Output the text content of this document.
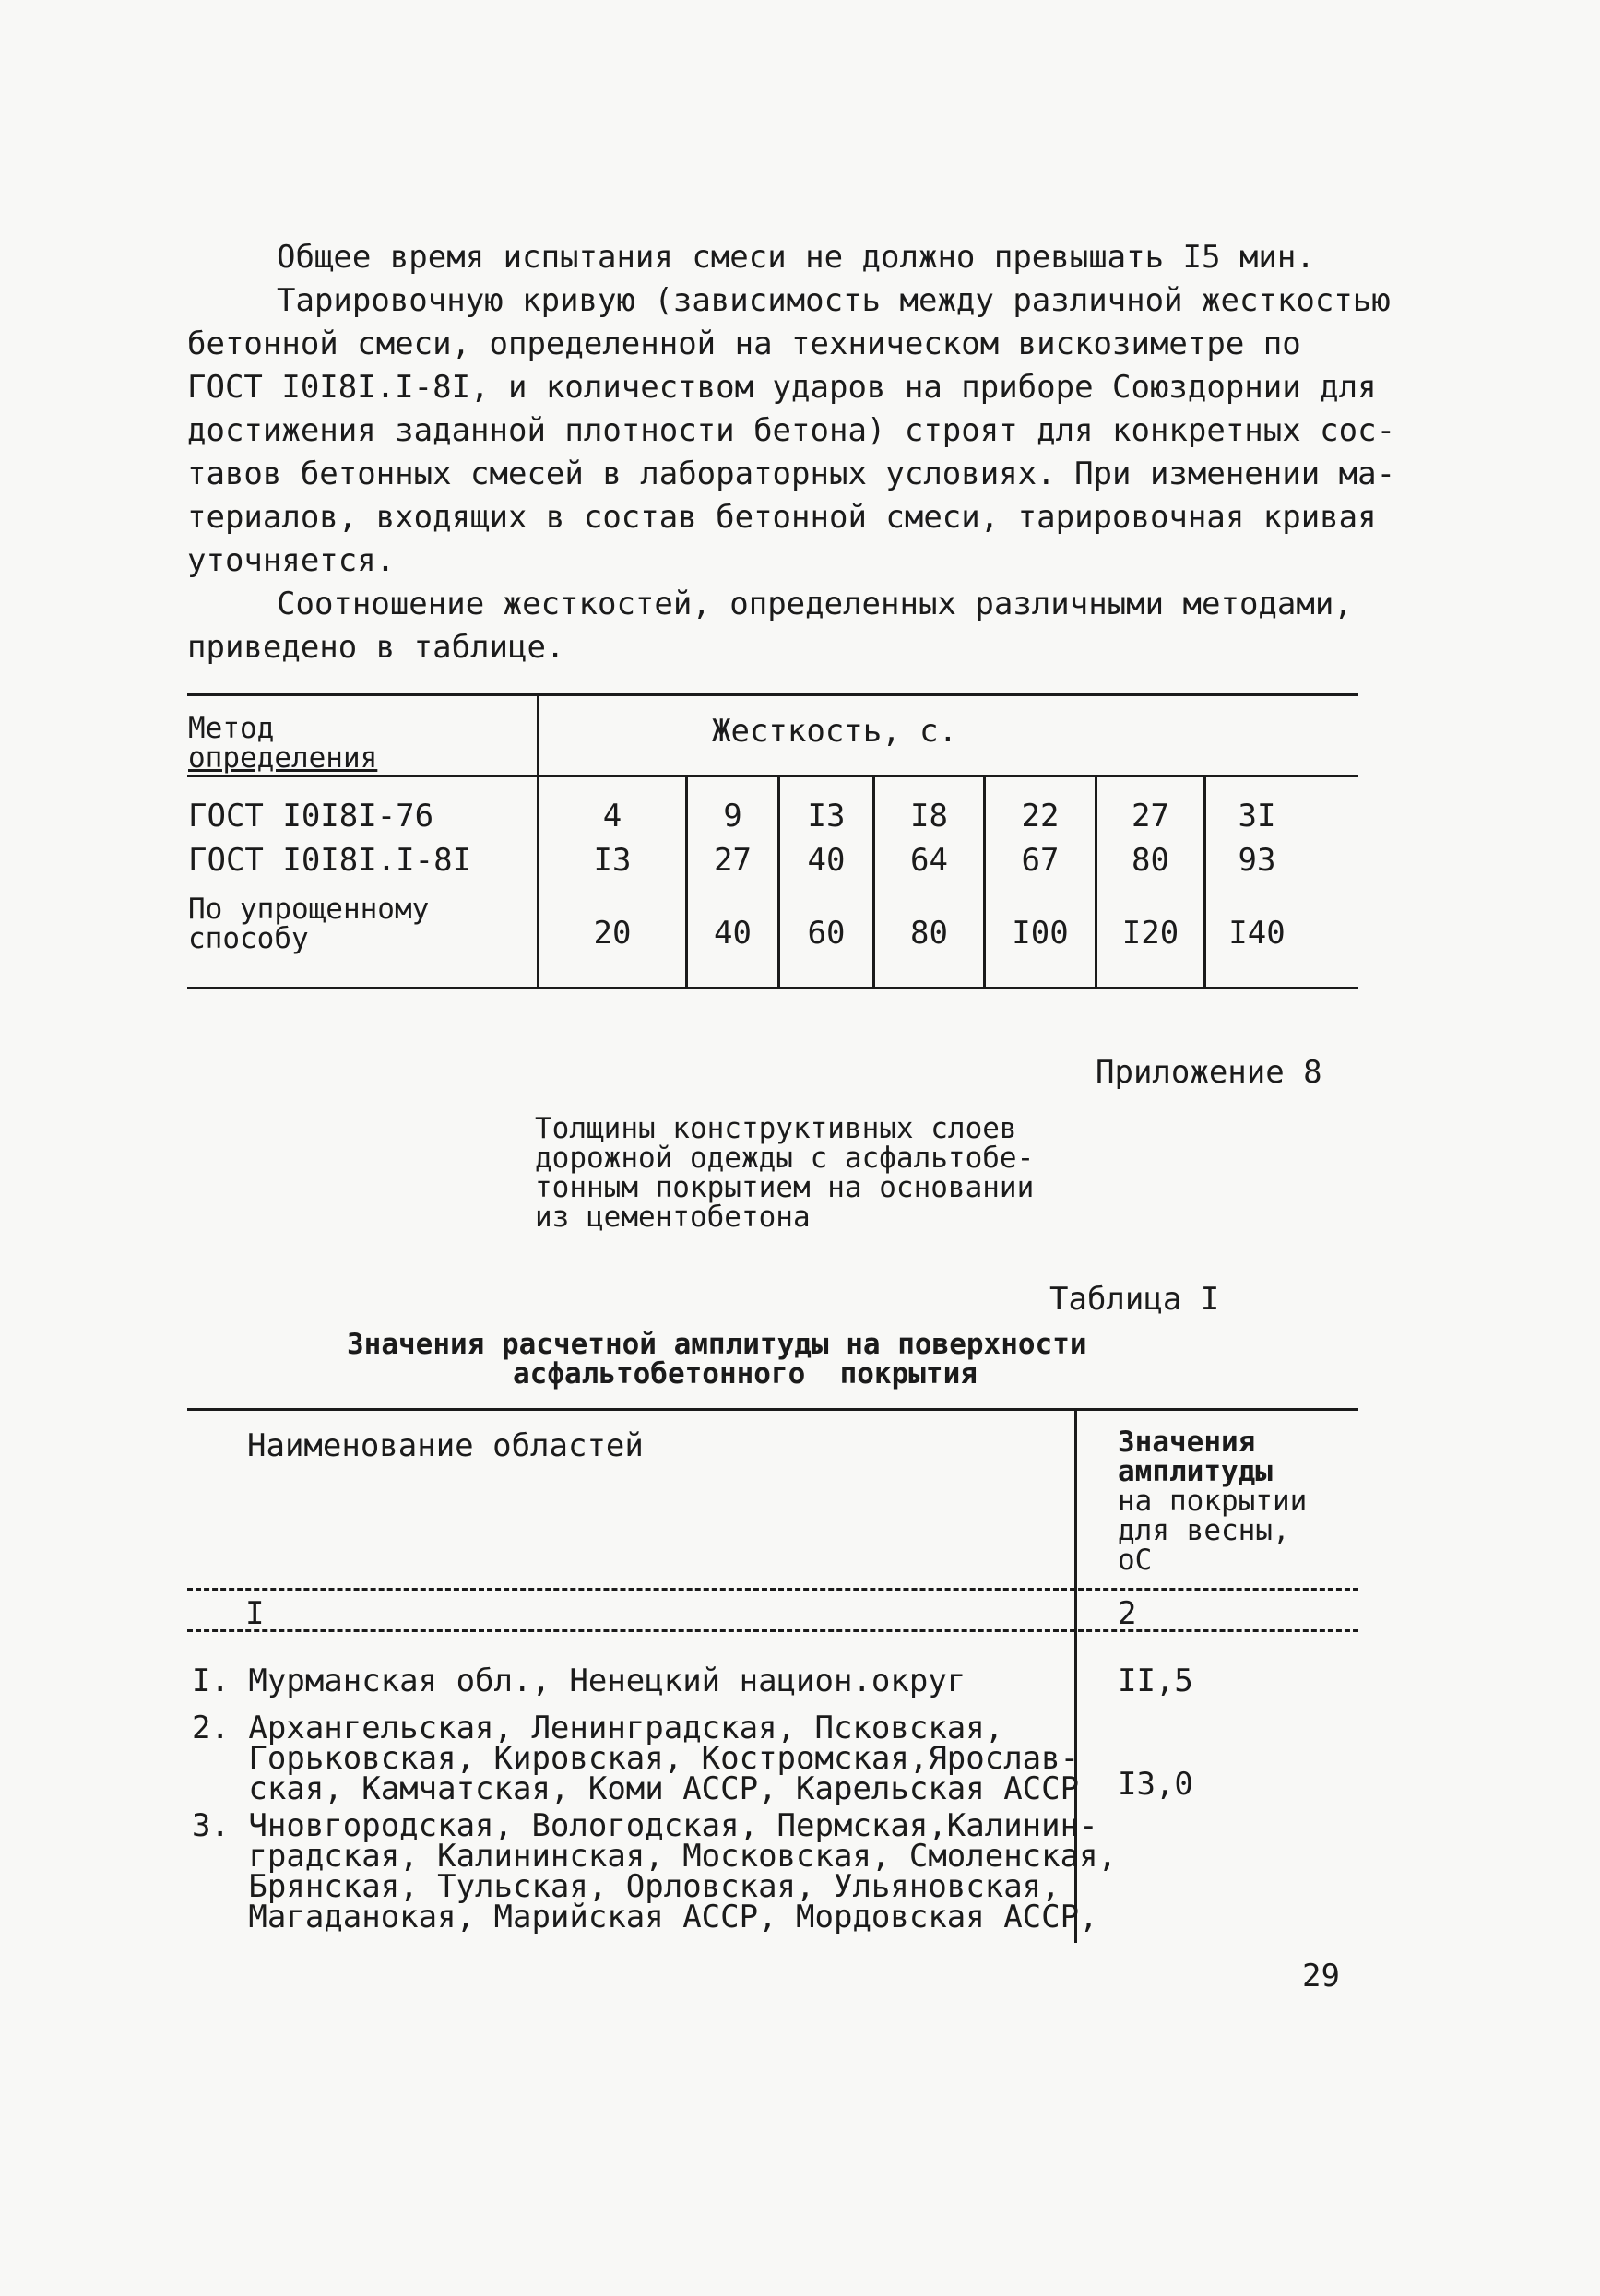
Общее время испытания смеси не должно превышать I5 мин.
Тарировочную кривую (зависимость между различной жесткостью
бетонной смеси, определенной на техническом вискозиметре по
ГОСТ I0I8I.I-8I, и количеством ударов на приборе Союздорнии для
достижения заданной плотности бетона) строят для конкретных сос-
тавов бетонных смесей в лабораторных условиях. При изменении ма-
териалов, входящих в состав бетонной смеси, тарировочная кривая
уточняется.
Соотношение жесткостей, определенных различными методами,
приведено в таблице.
Метод
определения
Жесткость, с.
ГОСТ I0I8I-76	4	9	I3	I8	22	27	3I
ГОСТ I0I8I.I-8I	I3	27	40	64	67	80	93
По упрощенному
способу	20	40	60	80	I00	I20	I40
Приложение 8
Толщины конструктивных слоев
дорожной одежды с асфальтобе-
тонным покрытием на основании
из цементобетона
Таблица I
Значения расчетной амплитуды на поверхности
асфальтобетонного  покрытия
Наименование областей	Значения
амплитуды
на покрытии
для весны,
оС
I	2
I. Мурманская обл., Ненецкий национ.округ	II,5
2. Архангельская, Ленинградская, Псковская,
Горьковская, Кировская, Костромская,Ярослав-
ская, Камчатская, Коми АССР, Карельская АССР I3,0
3. Чновгородская, Вологодская, Пермская,Калинин-
градская, Калининская, Московская, Смоленская,
Брянская, Тульская, Орловская, Ульяновская,
Магаданокая, Марийская АССР, Мордовская АССР,
29
